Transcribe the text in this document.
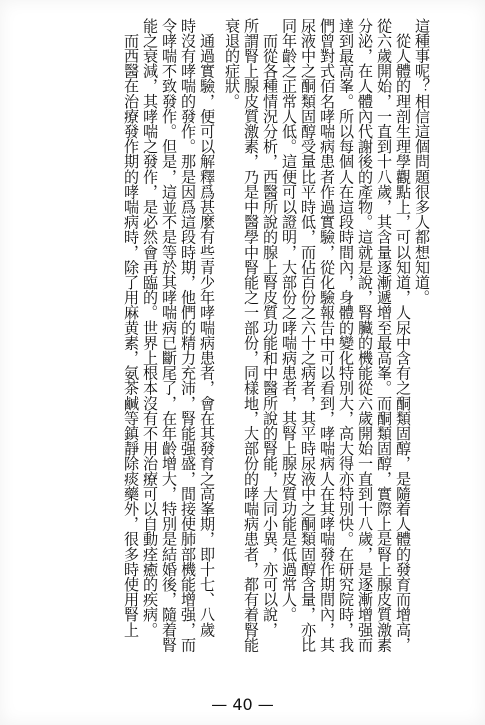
這種事呢？相信這個問題很多人都想知道。
　從人體的理剖生理學觀點上，可以知道，人尿中含有之酮類固醇，是隨着人體的發育而增高，
從六歲開始，一直到十八歲，其含量逐漸遞增至最高峯。而酮類固醇，實際上是腎上腺皮質激素
分泌，在人體內代謝後的產物。這就是說，腎臟的機能從六歲開始一直到十八歲，是逐漸增强而
達到最高峯。所以每個人在這段時間內，身體的變化特別大，高大得亦特別快。在研究院時，我
們曾對式佰名哮喘病患者作過實驗，從化驗報告中可以看到，哮喘病人在其哮喘發作期間內，其
尿液中之酮類固醇受量比平時低，而佔百份之六十之病者，其平時尿液中之酮類固醇含量，亦比
同年齡之正常人低。這便可以證明，大部份之哮喘病患者，其腎上腺皮質功能是低過常人。
　而從各種情況分析，西醫所說的腺上腎皮質功能和中醫所說的腎能，大同小異，亦可以說，
所謂腎上腺皮質激素，乃是中醫學中腎能之一部份，同樣地，大部份的哮喘病患者，都有着腎能
衰退的症狀。
　通過實驗，便可以解釋爲甚麼有些青少年哮喘病患者，會在其發育之高峯期，即十七、八歲
時沒有哮喘的發作。那是因爲這段時期，他們的精力充沛，腎能强盛，間接使肺部機能增强，而
令哮喘不致發作。但是，這並不是等於其哮喘病已斷尾了，在年齡增大，特別是結婚後，隨着腎
能之衰減，其哮喘之發作，是必然會再臨的。世界上根本沒有不用治療可以自動痊癒的疾病。
　而西醫在治療發作期的哮喘病時，除了用麻黄素，氨茶鹹等鎮靜除痰藥外，很多時使用腎上
— 40 —
